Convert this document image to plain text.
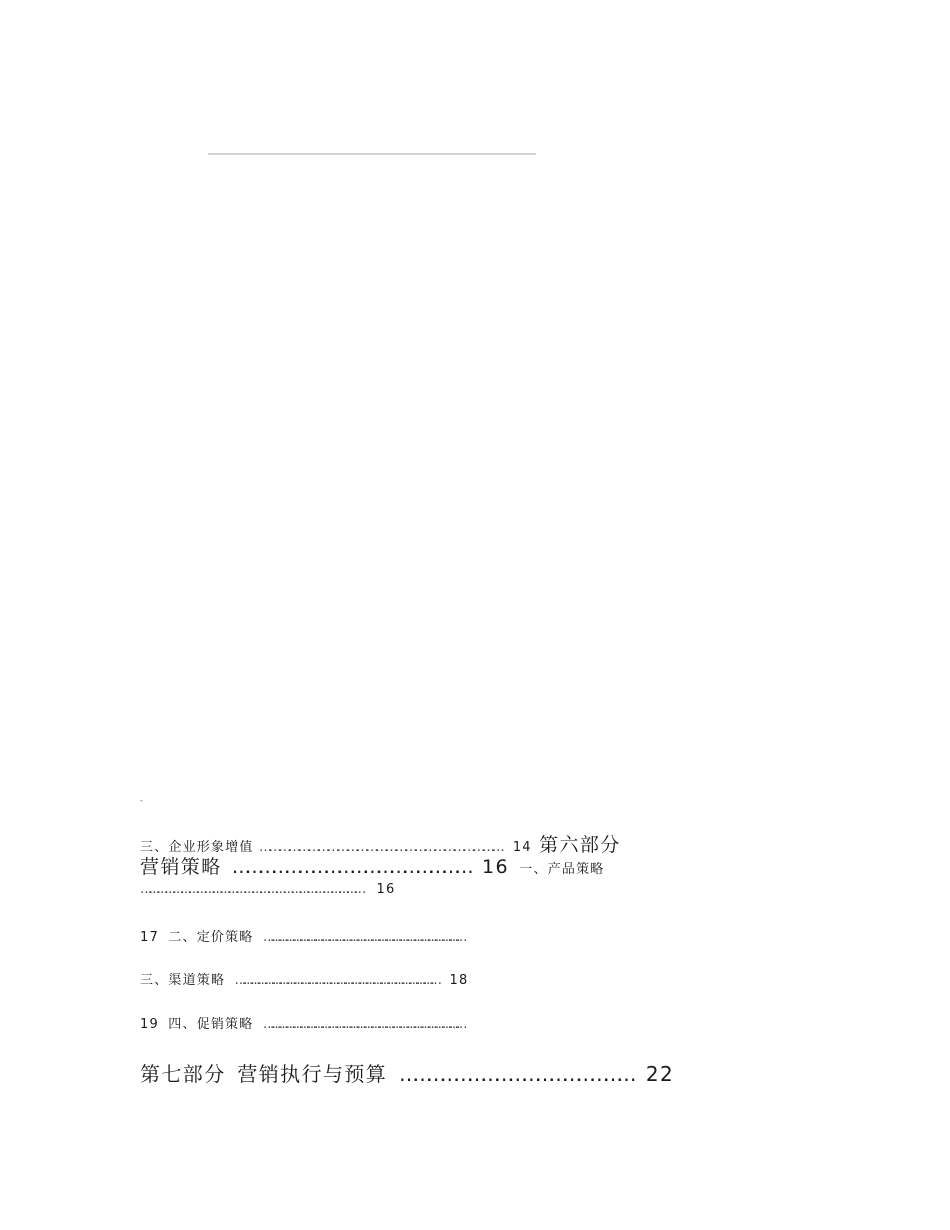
-
三、企业形象增值 ………………………………………………………………… 14 第六部分
营销策略 ……………………………………………… 16 一、产品策略
………………………………………………………………………… 16
17 二、定价策略 …………………………………………………………………………
三、渠道策略 ………………………………………………………………………… 18
19 四、促销策略 …………………………………………………………………………
第七部分 营销执行与预算 …………………………………………… 22
